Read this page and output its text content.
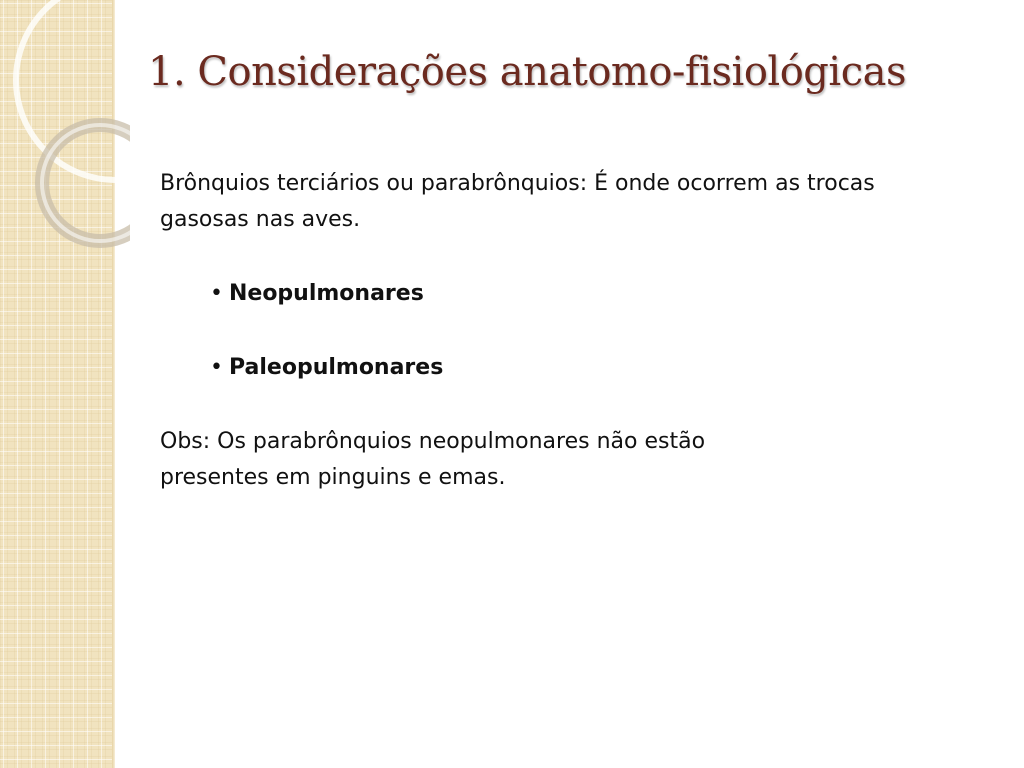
1. Considerações anatomo-fisiológicas

Brônquios terciários ou parabrônquios: É onde ocorrem as trocas gasosas nas aves.

• Neopulmonares

• Paleopulmonares

Obs: Os parabrônquios neopulmonares não estão presentes em pinguins e emas.
